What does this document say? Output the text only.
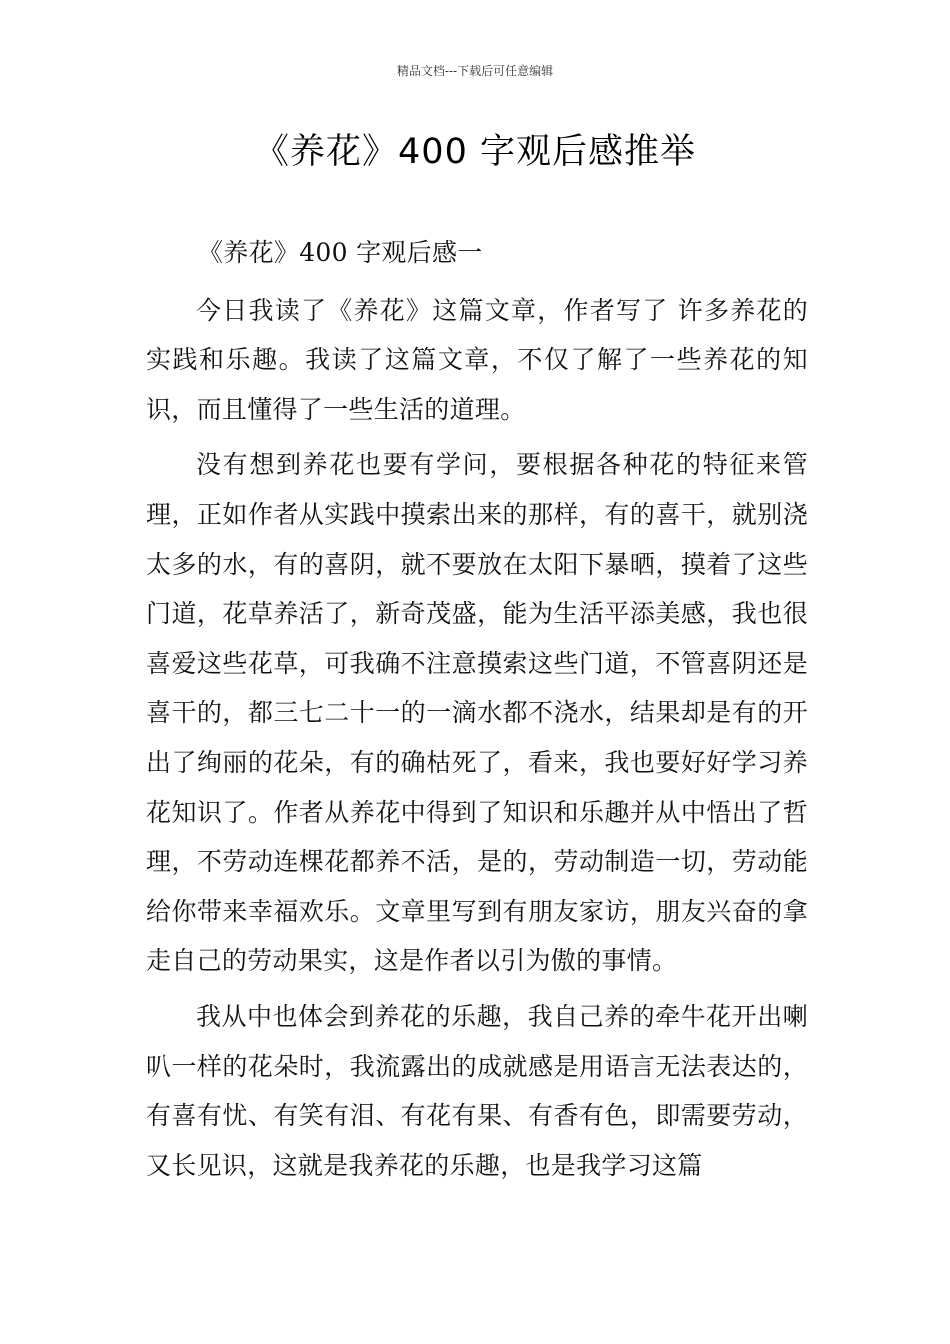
精品文档---下载后可任意编辑
《养花》400 字观后感推举

《养花》400 字观后感一

今日我读了《养花》这篇文章，作者写了 许多养花的实践和乐趣。我读了这篇文章，不仅了解了一些养花的知识，而且懂得了一些生活的道理。

没有想到养花也要有学问，要根据各种花的特征来管理，正如作者从实践中摸索出来的那样，有的喜干，就别浇太多的水，有的喜阴，就不要放在太阳下暴晒，摸着了这些门道，花草养活了，新奇茂盛，能为生活平添美感，我也很喜爱这些花草，可我确不注意摸索这些门道，不管喜阴还是喜干的，都三七二十一的一滴水都不浇水，结果却是有的开出了绚丽的花朵，有的确枯死了，看来，我也要好好学习养花知识了。作者从养花中得到了知识和乐趣并从中悟出了哲理，不劳动连棵花都养不活，是的，劳动制造一切，劳动能给你带来幸福欢乐。文章里写到有朋友家访，朋友兴奋的拿走自己的劳动果实，这是作者以引为傲的事情。

我从中也体会到养花的乐趣，我自己养的牵牛花开出喇叭一样的花朵时，我流露出的成就感是用语言无法表达的，有喜有忧、有笑有泪、有花有果、有香有色，即需要劳动，又长见识，这就是我养花的乐趣，也是我学习这篇
